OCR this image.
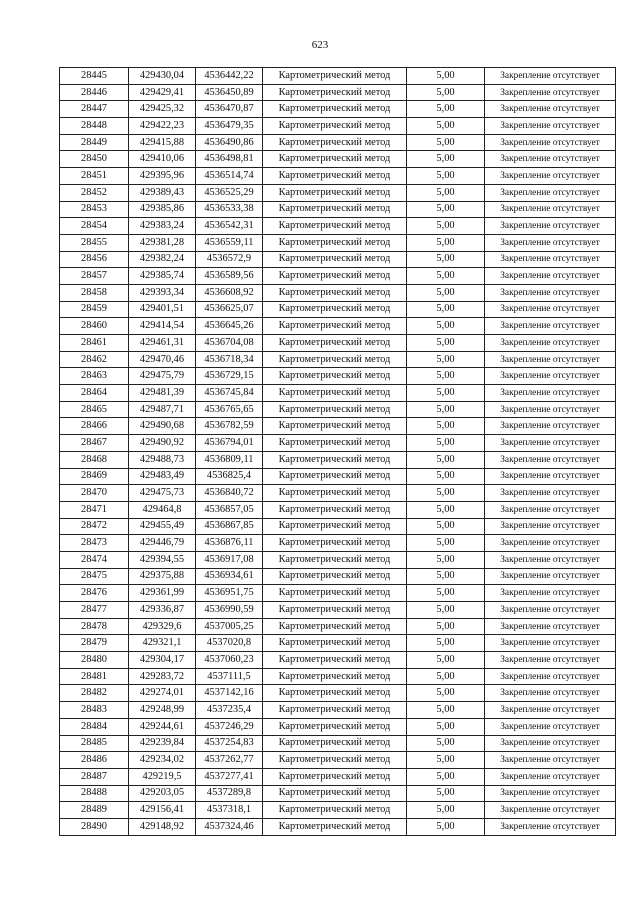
623
28445	429430,04	4536442,22	Картометрический метод	5,00	Закрепление отсутствует
28446	429429,41	4536450,89	Картометрический метод	5,00	Закрепление отсутствует
28447	429425,32	4536470,87	Картометрический метод	5,00	Закрепление отсутствует
28448	429422,23	4536479,35	Картометрический метод	5,00	Закрепление отсутствует
28449	429415,88	4536490,86	Картометрический метод	5,00	Закрепление отсутствует
28450	429410,06	4536498,81	Картометрический метод	5,00	Закрепление отсутствует
28451	429395,96	4536514,74	Картометрический метод	5,00	Закрепление отсутствует
28452	429389,43	4536525,29	Картометрический метод	5,00	Закрепление отсутствует
28453	429385,86	4536533,38	Картометрический метод	5,00	Закрепление отсутствует
28454	429383,24	4536542,31	Картометрический метод	5,00	Закрепление отсутствует
28455	429381,28	4536559,11	Картометрический метод	5,00	Закрепление отсутствует
28456	429382,24	4536572,9	Картометрический метод	5,00	Закрепление отсутствует
28457	429385,74	4536589,56	Картометрический метод	5,00	Закрепление отсутствует
28458	429393,34	4536608,92	Картометрический метод	5,00	Закрепление отсутствует
28459	429401,51	4536625,07	Картометрический метод	5,00	Закрепление отсутствует
28460	429414,54	4536645,26	Картометрический метод	5,00	Закрепление отсутствует
28461	429461,31	4536704,08	Картометрический метод	5,00	Закрепление отсутствует
28462	429470,46	4536718,34	Картометрический метод	5,00	Закрепление отсутствует
28463	429475,79	4536729,15	Картометрический метод	5,00	Закрепление отсутствует
28464	429481,39	4536745,84	Картометрический метод	5,00	Закрепление отсутствует
28465	429487,71	4536765,65	Картометрический метод	5,00	Закрепление отсутствует
28466	429490,68	4536782,59	Картометрический метод	5,00	Закрепление отсутствует
28467	429490,92	4536794,01	Картометрический метод	5,00	Закрепление отсутствует
28468	429488,73	4536809,11	Картометрический метод	5,00	Закрепление отсутствует
28469	429483,49	4536825,4	Картометрический метод	5,00	Закрепление отсутствует
28470	429475,73	4536840,72	Картометрический метод	5,00	Закрепление отсутствует
28471	429464,8	4536857,05	Картометрический метод	5,00	Закрепление отсутствует
28472	429455,49	4536867,85	Картометрический метод	5,00	Закрепление отсутствует
28473	429446,79	4536876,11	Картометрический метод	5,00	Закрепление отсутствует
28474	429394,55	4536917,08	Картометрический метод	5,00	Закрепление отсутствует
28475	429375,88	4536934,61	Картометрический метод	5,00	Закрепление отсутствует
28476	429361,99	4536951,75	Картометрический метод	5,00	Закрепление отсутствует
28477	429336,87	4536990,59	Картометрический метод	5,00	Закрепление отсутствует
28478	429329,6	4537005,25	Картометрический метод	5,00	Закрепление отсутствует
28479	429321,1	4537020,8	Картометрический метод	5,00	Закрепление отсутствует
28480	429304,17	4537060,23	Картометрический метод	5,00	Закрепление отсутствует
28481	429283,72	4537111,5	Картометрический метод	5,00	Закрепление отсутствует
28482	429274,01	4537142,16	Картометрический метод	5,00	Закрепление отсутствует
28483	429248,99	4537235,4	Картометрический метод	5,00	Закрепление отсутствует
28484	429244,61	4537246,29	Картометрический метод	5,00	Закрепление отсутствует
28485	429239,84	4537254,83	Картометрический метод	5,00	Закрепление отсутствует
28486	429234,02	4537262,77	Картометрический метод	5,00	Закрепление отсутствует
28487	429219,5	4537277,41	Картометрический метод	5,00	Закрепление отсутствует
28488	429203,05	4537289,8	Картометрический метод	5,00	Закрепление отсутствует
28489	429156,41	4537318,1	Картометрический метод	5,00	Закрепление отсутствует
28490	429148,92	4537324,46	Картометрический метод	5,00	Закрепление отсутствует
